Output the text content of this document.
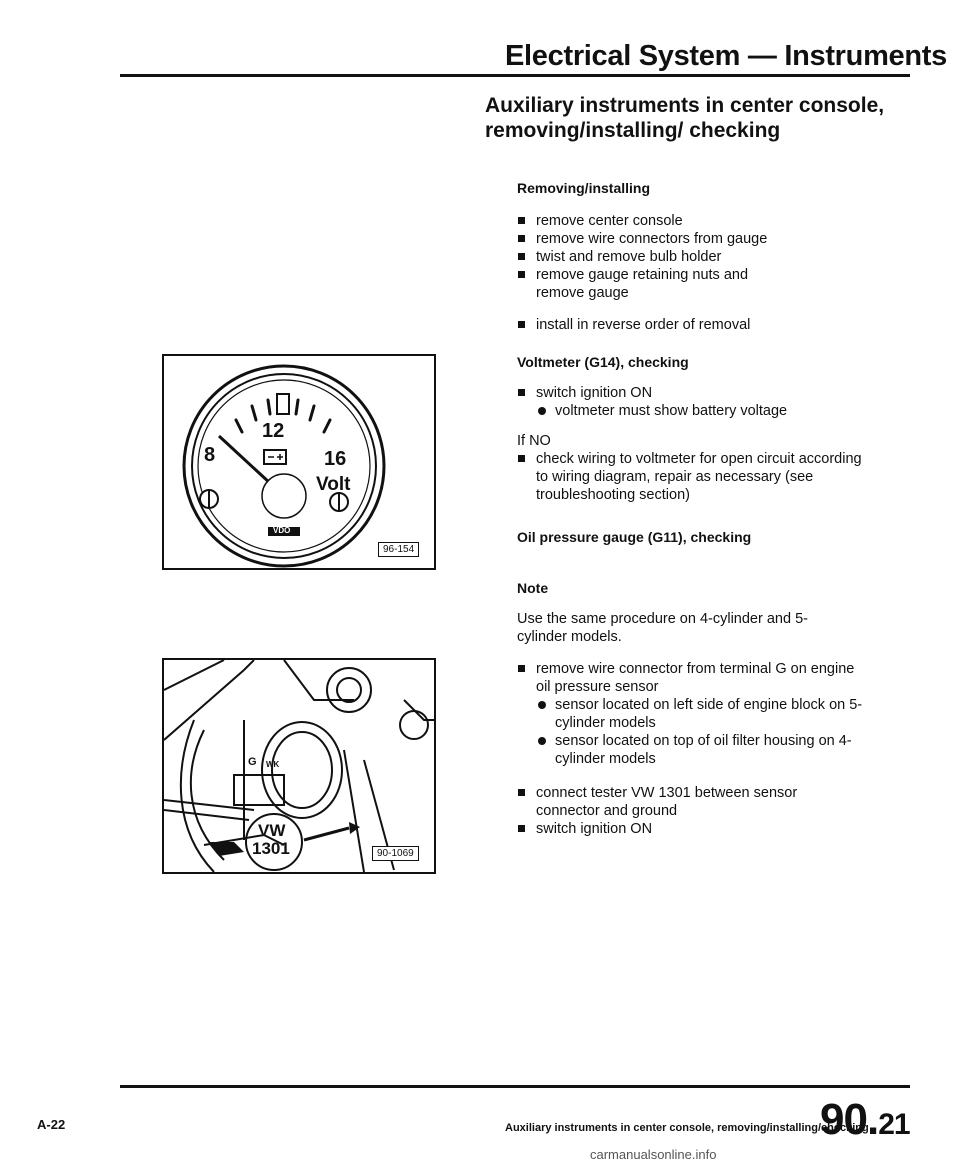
Electrical System — Instruments
Auxiliary instruments in center console, removing/installing/ checking
Removing/installing
remove center console
remove wire connectors from gauge
twist and remove bulb holder
remove gauge retaining nuts and remove gauge
install in reverse order of removal
Voltmeter (G14), checking
switch ignition ON
voltmeter must show battery voltage
If NO
check wiring to voltmeter for open circuit according to wiring diagram, repair as necessary (see troubleshooting section)
Oil pressure gauge (G11), checking
Note
Use the same procedure on 4-cylinder and 5-cylinder models.
remove wire connector from terminal G on engine oil pressure sensor
sensor located on left side of engine block on 5-cylinder models
sensor located on top of oil filter housing on 4-cylinder models
connect tester VW 1301 between sensor connector and ground
switch ignition ON
8
12
16
Volt
VDO
96-154
VW
1301
G WK
90-1069
A-22	Auxiliary instruments in center console, removing/installing/checking
90.21
carmanualsonline.info
